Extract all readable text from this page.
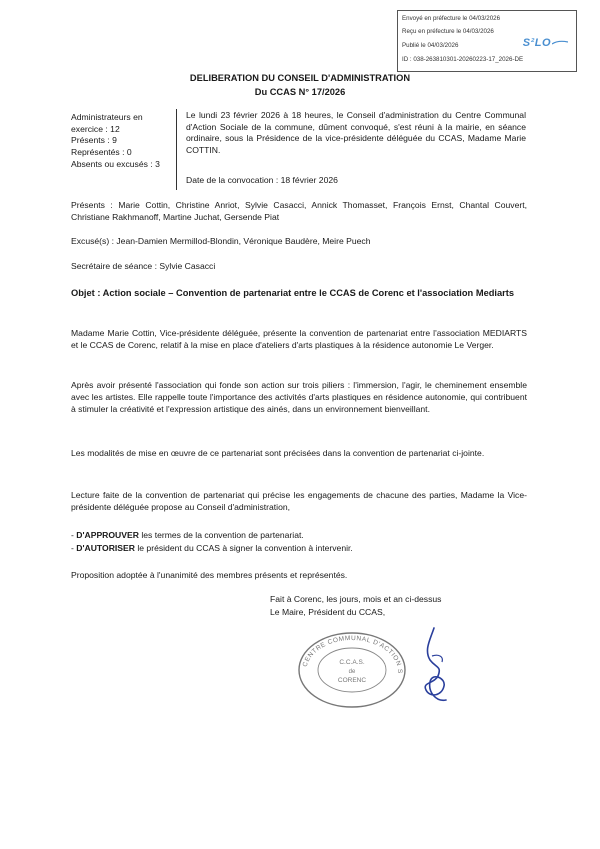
Envoyé en préfecture le 04/03/2026
Reçu en préfecture le 04/03/2026
Publié le 04/03/2026
ID : 038-263810301-20260223-17_2026-DE
S²LO
DELIBERATION DU CONSEIL D'ADMINISTRATION
Du CCAS N° 17/2026
Administrateurs en
exercice : 12
Présents : 9
Représentés : 0
Absents ou excusés : 3
Le lundi 23 février 2026 à 18 heures, le Conseil d'administration du Centre Communal d'Action Sociale de la commune, dûment convoqué, s'est réuni à la mairie, en séance ordinaire, sous la Présidence de la vice-présidente déléguée du CCAS, Madame Marie COTTIN.
Date de la convocation : 18 février 2026
Présents : Marie Cottin, Christine Anriot, Sylvie Casacci, Annick Thomasset, François Ernst, Chantal Couvert, Christiane Rakhmanoff, Martine Juchat, Gersende Piat
Excusé(s) : Jean-Damien Mermillod-Blondin, Véronique Baudère, Meire Puech
Secrétaire de séance : Sylvie Casacci
Objet : Action sociale – Convention de partenariat entre le CCAS de Corenc et l'association Mediarts
Madame Marie Cottin, Vice-présidente déléguée, présente la convention de partenariat entre l'association MEDIARTS et le CCAS de Corenc, relatif à la mise en place d'ateliers d'arts plastiques à la résidence autonomie Le Verger.
Après avoir présenté l'association qui fonde son action sur trois piliers : l'immersion, l'agir, le cheminement ensemble avec les artistes. Elle rappelle toute l'importance des activités d'arts plastiques en résidence autonomie, qui contribuent à stimuler la créativité et l'expression artistique des ainés, dans un environnement bienveillant.
Les modalités de mise en œuvre de ce partenariat sont précisées dans la convention de partenariat ci-jointe.
Lecture faite de la convention de partenariat qui précise les engagements de chacune des parties, Madame la Vice-présidente déléguée propose au Conseil d'administration,
- D'APPROUVER les termes de la convention de partenariat.
- D'AUTORISER le président du CCAS à signer la convention à intervenir.
Proposition adoptée à l'unanimité des membres présents et représentés.
Fait à Corenc, les jours, mois et an ci-dessus
Le Maire, Président du CCAS,
CENTRE COMMUNAL D'ACTION S
C.C.A.S.
de
CORENC
